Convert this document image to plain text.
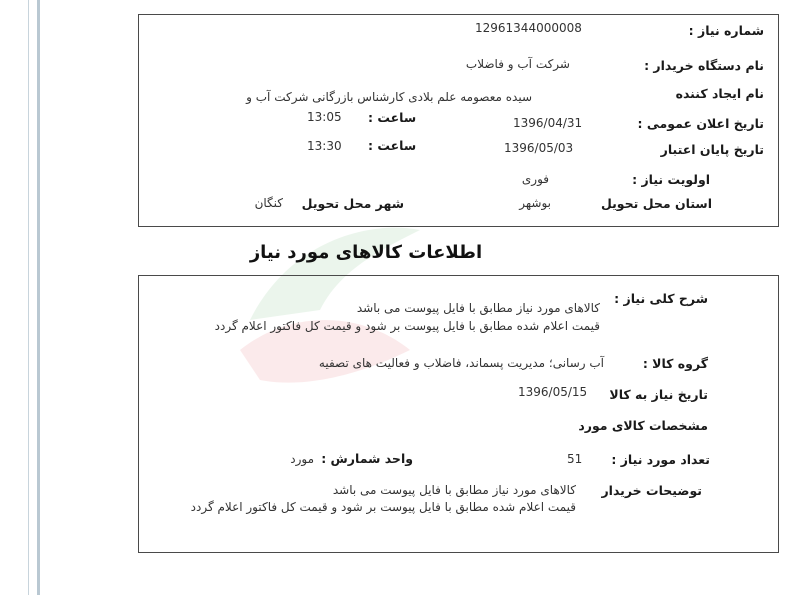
شماره نیاز :
12961344000008
نام دستگاه خریدار :
شرکت آب و فاضلاب
نام ایجاد کننده
سیده معصومه علم بلادی کارشناس بازرگانی شرکت آب و
تاریخ اعلان عمومی :
1396/04/31
ساعت :
13:05
تاریخ پایان اعتبار
1396/05/03
ساعت :
13:30
اولویت نیاز :
فوری
استان محل تحویل
بوشهر
شهر محل تحویل
کنگان
اطلاعات کالاهای مورد نیاز
شرح کلی نیاز :
کالاهای مورد نیاز مطابق با فایل پیوست می باشد
قیمت اعلام شده مطابق با فایل پیوست بر شود و قیمت کل فاکتور اعلام گردد
گروه کالا :
آب رسانی؛ مدیریت پسماند، فاضلاب و فعالیت های تصفیه
تاریخ نیاز به کالا
1396/05/15
مشخصات کالای مورد
تعداد مورد نیاز :
51
واحد شمارش :
مورد
توضیحات خریدار
کالاهای مورد نیاز مطابق با فایل پیوست می باشد
قیمت اعلام شده مطابق با فایل پیوست بر شود و قیمت کل فاکتور اعلام گردد
